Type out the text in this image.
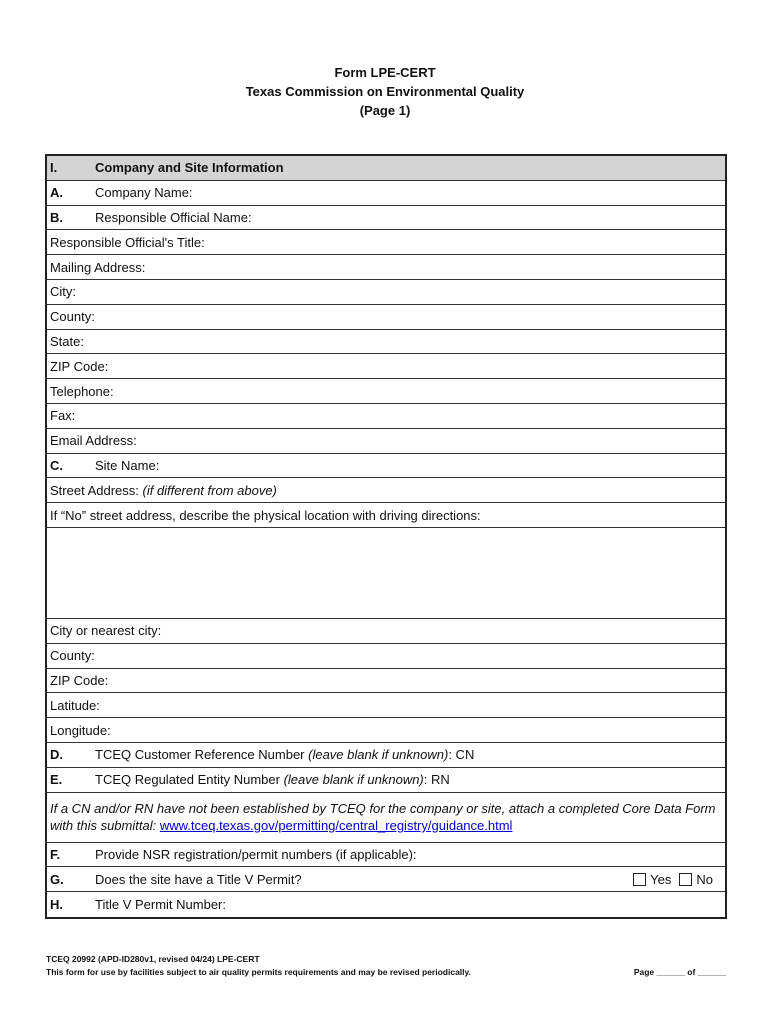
Form LPE-CERT
Texas Commission on Environmental Quality
(Page 1)
I.	Company and Site Information
A.	Company Name:
B.	Responsible Official Name:
Responsible Official's Title:
Mailing Address:
City:
County:
State:
ZIP Code:
Telephone:
Fax:
Email Address:
C.	Site Name:
Street Address: (if different from above)
If “No” street address, describe the physical location with driving directions:
City or nearest city:
County:
ZIP Code:
Latitude:
Longitude:
D.	TCEQ Customer Reference Number (leave blank if unknown) : CN
E.	TCEQ Regulated Entity Number (leave blank if unknown) : RN
If a CN and/or RN have not been established by TCEQ for the company or site, attach a completed Core Data Form with this submittal: www.tceq.texas.gov/permitting/central_registry/guidance.html
F.	Provide NSR registration/permit numbers (if applicable):
G.	Does the site have a Title V Permit?	Yes No
H.	Title V Permit Number:
TCEQ 20992 (APD-ID280v1, revised 04/24) LPE-CERT
This form for use by facilities subject to air quality permits requirements and may be revised periodically.	Page ______ of ______
